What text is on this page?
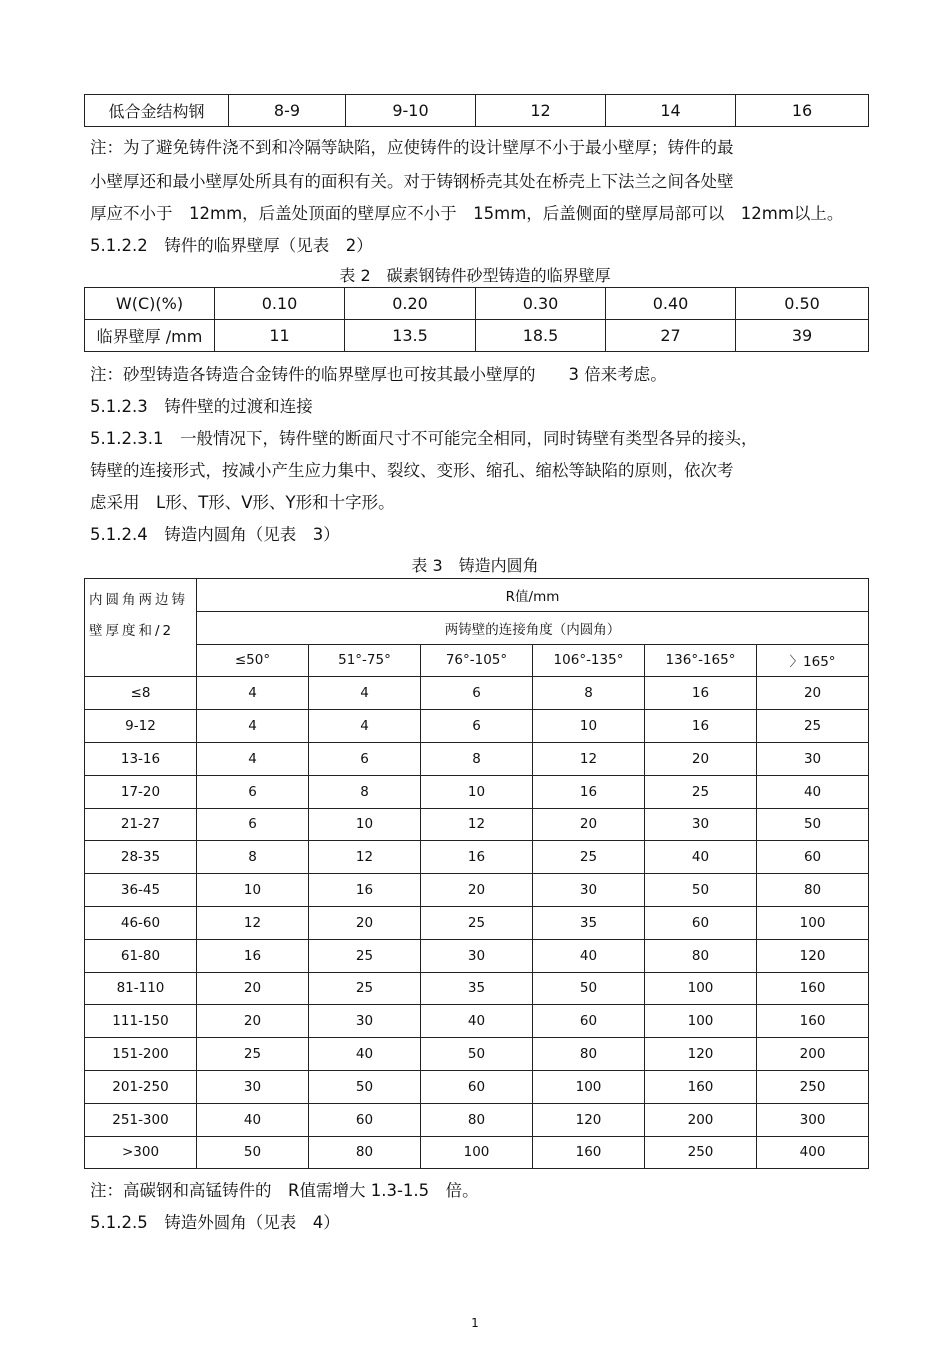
低合金结构钢	8-9	9-10	12	14	16
注：为了避免铸件浇不到和冷隔等缺陷，应使铸件的设计壁厚不小于最小壁厚；铸件的最
小壁厚还和最小壁厚处所具有的面积有关。对于铸钢桥壳其处在桥壳上下法兰之间各处壁
厚应不小于　12mm，后盖处顶面的壁厚应不小于　15mm，后盖侧面的壁厚局部可以　12mm以上。
5.1.2.2　铸件的临界壁厚（见表　2）
表 2　碳素钢铸件砂型铸造的临界壁厚
W(C)(%)	0.10	0.20	0.30	0.40	0.50
临界壁厚 /mm	11	13.5	18.5	27	39
注：砂型铸造各铸造合金铸件的临界壁厚也可按其最小壁厚的　　3 倍来考虑。
5.1.2.3　铸件壁的过渡和连接
5.1.2.3.1　一般情况下，铸件壁的断面尺寸不可能完全相同，同时铸壁有类型各异的接头，
铸壁的连接形式，按减小产生应力集中、裂纹、变形、缩孔、缩松等缺陷的原则，依次考
虑采用　L形、T形、V形、Y形和十字形。
5.1.2.4　铸造内圆角（见表　3）
表 3　铸造内圆角
内圆角两边铸壁厚度和/2	R值/mm					
	两铸壁的连接角度（内圆角）					
	≤50°	51°-75°	76°-105°	106°-135°	136°-165°	〉165°
≤8	4	4	6	8	16	20
9-12	4	4	6	10	16	25
13-16	4	6	8	12	20	30
17-20	6	8	10	16	25	40
21-27	6	10	12	20	30	50
28-35	8	12	16	25	40	60
36-45	10	16	20	30	50	80
46-60	12	20	25	35	60	100
61-80	16	25	30	40	80	120
81-110	20	25	35	50	100	160
111-150	20	30	40	60	100	160
151-200	25	40	50	80	120	200
201-250	30	50	60	100	160	250
251-300	40	60	80	120	200	300
>300	50	80	100	160	250	400
注：高碳钢和高锰铸件的　R值需增大 1.3-1.5　倍。
5.1.2.5　铸造外圆角（见表　4）
1
